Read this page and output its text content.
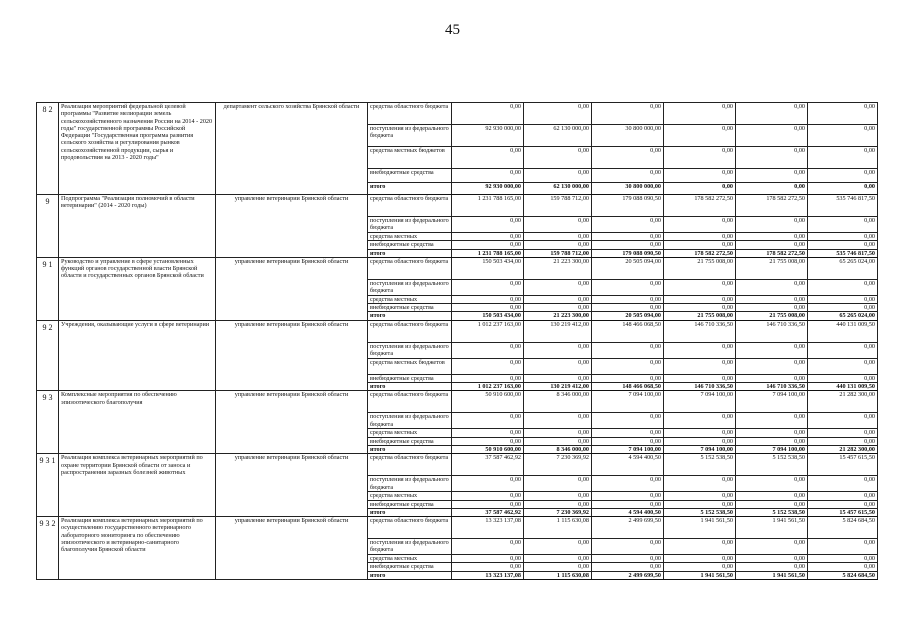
45
8 2	Реализация мероприятий федеральной целевой программы "Развитие мелиорации земель сельскохозяйственного назначения России на 2014 - 2020 годы" государственной программы Российской Федерации "Государственная программа развития сельского хозяйства и регулирования рынков сельскохозяйственной продукции, сырья и продовольствия на 2013 - 2020 годы"	департамент сельского хозяйства Брянской области	средства областного бюджета	0,00	0,00	0,00	0,00	0,00	0,00
			поступления из федерального бюджета	92 930 000,00	62 130 000,00	30 800 000,00	0,00	0,00	0,00
			средства местных бюджетов	0,00	0,00	0,00	0,00	0,00	0,00
			внебюджетные средства	0,00	0,00	0,00	0,00	0,00	0,00
			итого	92 930 000,00	62 130 000,00	30 800 000,00	0,00	0,00	0,00
9	Подпрограмма "Реализация полномочий в области ветеринарии" (2014 - 2020 годы)	управление ветеринарии Брянской области	средства областного бюджета	1 231 788 165,00	159 788 712,00	179 088 090,50	178 582 272,50	178 582 272,50	535 746 817,50
			поступления из федерального бюджета	0,00	0,00	0,00	0,00	0,00	0,00
			средства местных	0,00	0,00	0,00	0,00	0,00	0,00
			внебюджетные средства	0,00	0,00	0,00	0,00	0,00	0,00
			итого	1 231 788 165,00	159 788 712,00	179 088 090,50	178 582 272,50	178 582 272,50	535 746 817,50
9 1	Руководство и управление в сфере установленных функций органов государственной власти Брянской области и государственных органов Брянской области	управление ветеринарии Брянской области	средства областного бюджета	150 503 434,00	21 223 300,00	20 505 094,00	21 755 008,00	21 755 008,00	65 265 024,00
			поступления из федерального бюджета	0,00	0,00	0,00	0,00	0,00	0,00
			средства местных	0,00	0,00	0,00	0,00	0,00	0,00
			внебюджетные средства	0,00	0,00	0,00	0,00	0,00	0,00
			итого	150 503 434,00	21 223 300,00	20 505 094,00	21 755 008,00	21 755 008,00	65 265 024,00
9 2	Учреждения, оказывающие услуги в сфере ветеринарии	управление ветеринарии Брянской области	средства областного бюджета	1 012 237 163,00	130 219 412,00	148 466 068,50	146 710 336,50	146 710 336,50	440 131 009,50
			поступления из федерального бюджета	0,00	0,00	0,00	0,00	0,00	0,00
			средства местных бюджетов	0,00	0,00	0,00	0,00	0,00	0,00
			внебюджетные средства	0,00	0,00	0,00	0,00	0,00	0,00
			итого	1 012 237 163,00	130 219 412,00	148 466 068,50	146 710 336,50	146 710 336,50	440 131 009,50
9 3	Комплексные мероприятия по обеспечению эпизоотического благополучия	управление ветеринарии Брянской области	средства областного бюджета	50 910 600,00	8 346 000,00	7 094 100,00	7 094 100,00	7 094 100,00	21 282 300,00
			поступления из федерального бюджета	0,00	0,00	0,00	0,00	0,00	0,00
			средства местных	0,00	0,00	0,00	0,00	0,00	0,00
			внебюджетные средства	0,00	0,00	0,00	0,00	0,00	0,00
			итого	50 910 600,00	8 346 000,00	7 094 100,00	7 094 100,00	7 094 100,00	21 282 300,00
9 3 1	Реализация комплекса ветеринарных мероприятий по охране территории Брянской области от заноса и распространения заразных болезней животных	управление ветеринарии Брянской области	средства областного бюджета	37 587 462,92	7 230 369,92	4 594 400,50	5 152 538,50	5 152 538,50	15 457 615,50
			поступления из федерального бюджета	0,00	0,00	0,00	0,00	0,00	0,00
			средства местных	0,00	0,00	0,00	0,00	0,00	0,00
			внебюджетные средства	0,00	0,00	0,00	0,00	0,00	0,00
			итого	37 587 462,92	7 230 369,92	4 594 400,50	5 152 538,50	5 152 538,50	15 457 615,50
9 3 2	Реализация комплекса ветеринарных мероприятий по осуществлению государственного ветеринарного лабораторного мониторинга по обеспечению эпизоотического и ветеринарно-санитарного благополучия Брянской области	управление ветеринарии Брянской области	средства областного бюджета	13 323 137,08	1 115 630,08	2 499 699,50	1 941 561,50	1 941 561,50	5 824 684,50
			поступления из федерального бюджета	0,00	0,00	0,00	0,00	0,00	0,00
			средства местных	0,00	0,00	0,00	0,00	0,00	0,00
			внебюджетные средства	0,00	0,00	0,00	0,00	0,00	0,00
			итого	13 323 137,08	1 115 630,08	2 499 699,50	1 941 561,50	1 941 561,50	5 824 684,50
